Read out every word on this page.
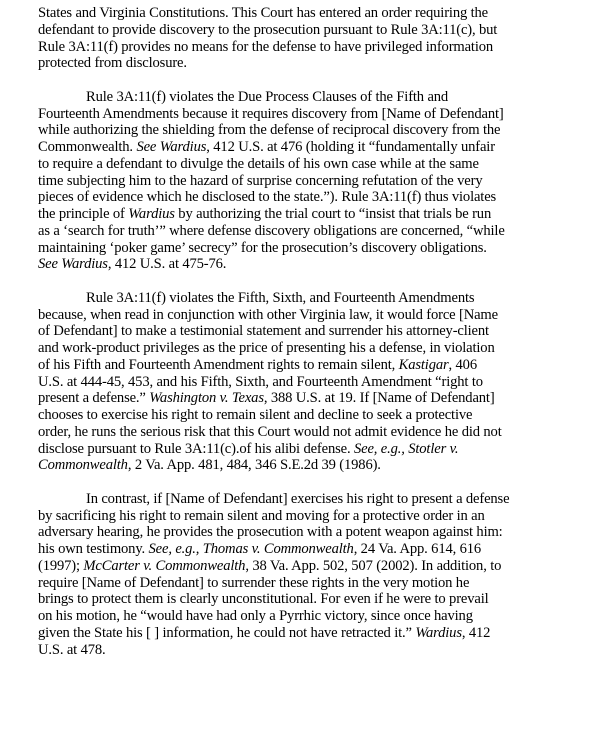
States and Virginia Constitutions. This Court has entered an order requiring the
defendant to provide discovery to the prosecution pursuant to Rule 3A:11(c), but
Rule 3A:11(f) provides no means for the defense to have privileged information
protected from disclosure.
Rule 3A:11(f) violates the Due Process Clauses of the Fifth and
Fourteenth Amendments because it requires discovery from [Name of Defendant]
while authorizing the shielding from the defense of reciprocal discovery from the
Commonwealth. See Wardius, 412 U.S. at 476 (holding it “fundamentally unfair
to require a defendant to divulge the details of his own case while at the same
time subjecting him to the hazard of surprise concerning refutation of the very
pieces of evidence which he disclosed to the state.”). Rule 3A:11(f) thus violates
the principle of Wardius by authorizing the trial court to “insist that trials be run
as a ‘search for truth’” where defense discovery obligations are concerned, “while
maintaining ‘poker game’ secrecy” for the prosecution’s discovery obligations.
See Wardius, 412 U.S. at 475-76.
Rule 3A:11(f) violates the Fifth, Sixth, and Fourteenth Amendments
because, when read in conjunction with other Virginia law, it would force [Name
of Defendant] to make a testimonial statement and surrender his attorney-client
and work-product privileges as the price of presenting his a defense, in violation
of his Fifth and Fourteenth Amendment rights to remain silent, Kastigar, 406
U.S. at 444-45, 453, and his Fifth, Sixth, and Fourteenth Amendment “right to
present a defense.” Washington v. Texas, 388 U.S. at 19. If [Name of Defendant]
chooses to exercise his right to remain silent and decline to seek a protective
order, he runs the serious risk that this Court would not admit evidence he did not
disclose pursuant to Rule 3A:11(c).of his alibi defense. See, e.g., Stotler v.
Commonwealth, 2 Va. App. 481, 484, 346 S.E.2d 39 (1986).
In contrast, if [Name of Defendant] exercises his right to present a defense
by sacrificing his right to remain silent and moving for a protective order in an
adversary hearing, he provides the prosecution with a potent weapon against him:
his own testimony. See, e.g., Thomas v. Commonwealth, 24 Va. App. 614, 616
(1997); McCarter v. Commonwealth, 38 Va. App. 502, 507 (2002). In addition, to
require [Name of Defendant] to surrender these rights in the very motion he
brings to protect them is clearly unconstitutional. For even if he were to prevail
on his motion, he “would have had only a Pyrrhic victory, since once having
given the State his [ ] information, he could not have retracted it.” Wardius, 412
U.S. at 478.
